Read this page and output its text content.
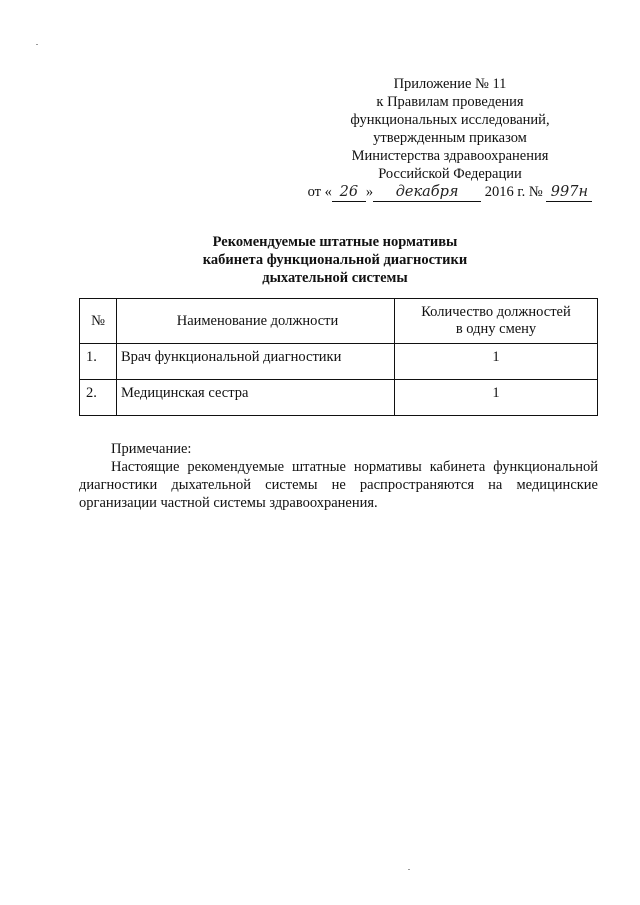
Приложение № 11
к Правилам проведения
функциональных исследований,
утвержденным приказом
Министерства здравоохранения
Российской Федерации
от « 26 » декабря 2016 г. № 997н
Рекомендуемые штатные нормативы
кабинета функциональной диагностики
дыхательной системы
№	Наименование должности	Количество должностей
в одну смену
1.	Врач функциональной диагностики	1
2.	Медицинская сестра	1
Примечание:

Настоящие рекомендуемые штатные нормативы кабинета функциональной диагностики дыхательной системы не распространяются на медицинские организации частной системы здравоохранения.
